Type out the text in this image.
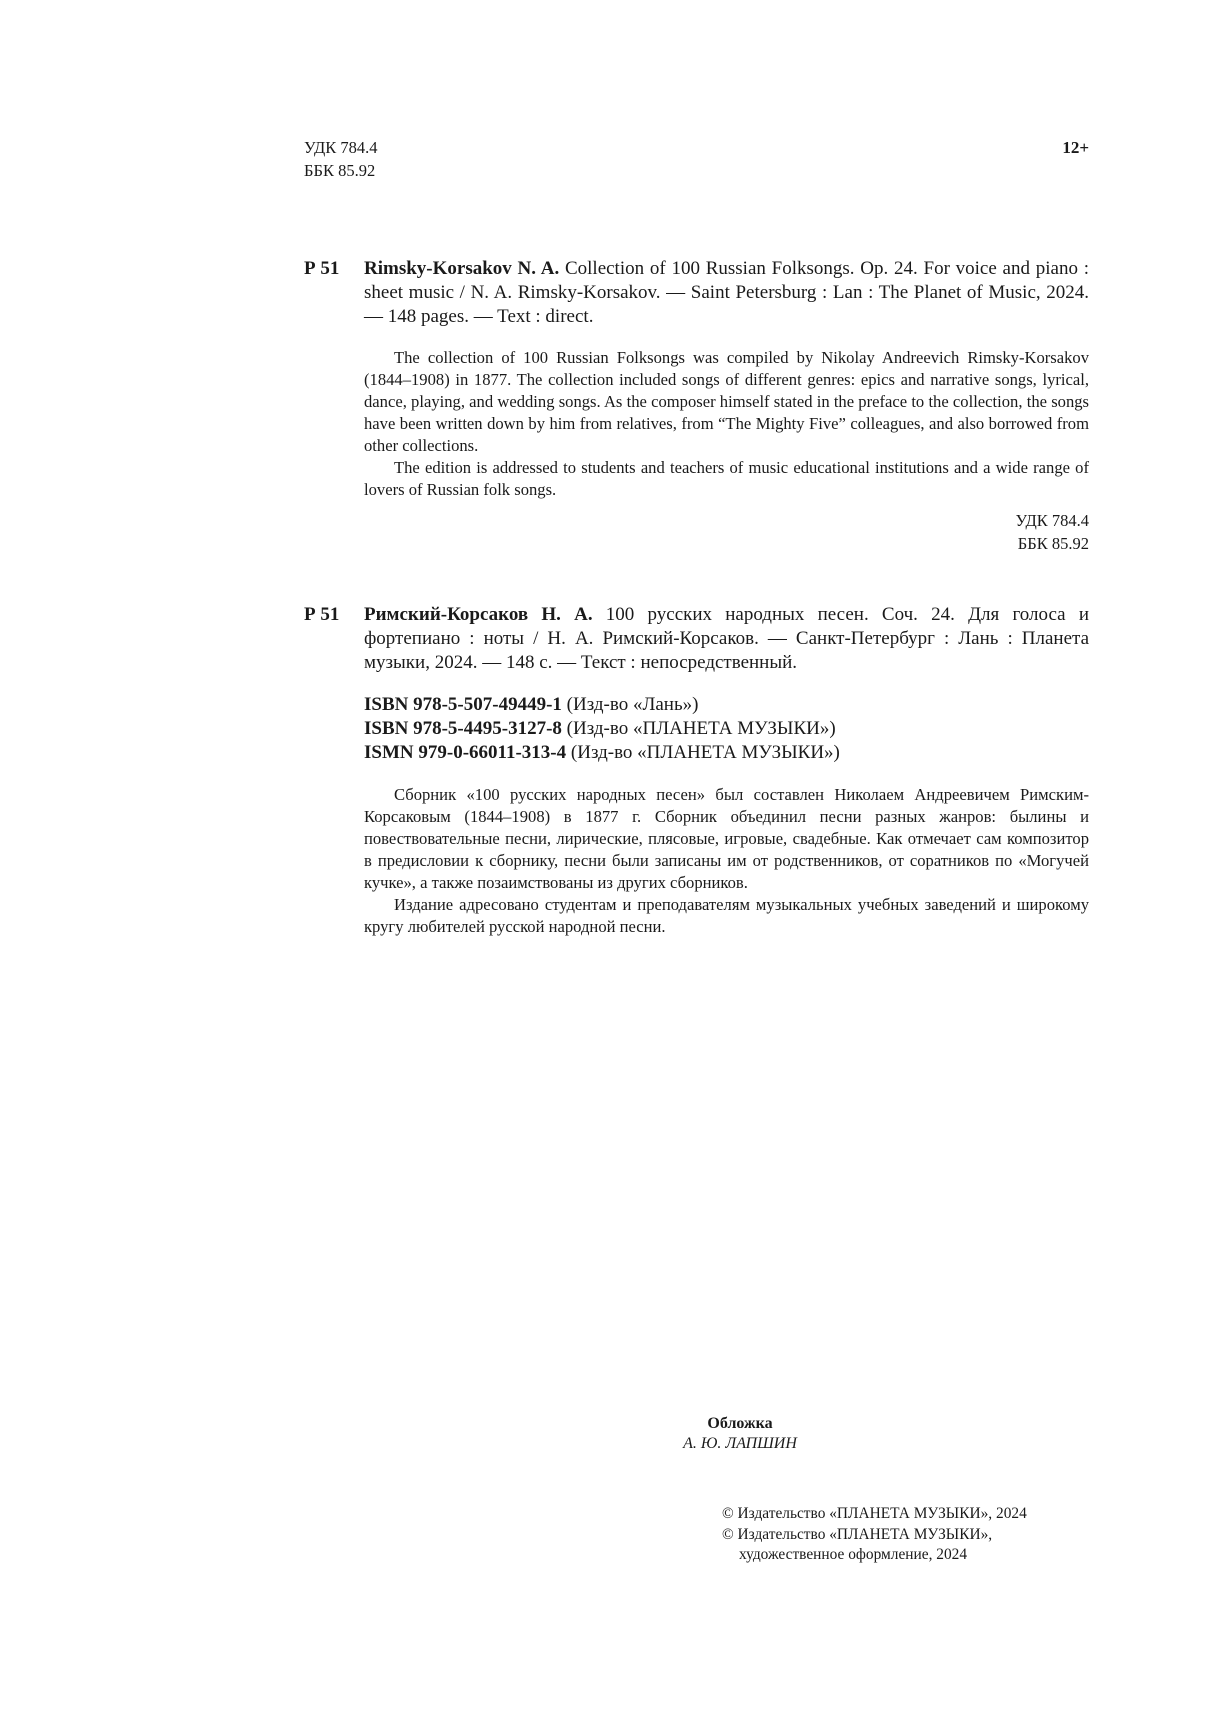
УДК 784.4
ББК 85.92
12+
Р 51 Rimsky-Korsakov N. A. Collection of 100 Russian Folksongs. Op. 24. For voice and piano : sheet music / N. A. Rimsky-Korsakov. — Saint Petersburg : Lan : The Planet of Music, 2024. — 148 pages. — Text : direct.

The collection of 100 Russian Folksongs was compiled by Nikolay Andreevich Rimsky-Korsakov (1844–1908) in 1877. The collection included songs of different genres: epics and narrative songs, lyrical, dance, playing, and wedding songs. As the composer himself stated in the preface to the collection, the songs have been written down by him from relatives, from “The Mighty Five” colleagues, and also borrowed from other collections.

The edition is addressed to students and teachers of music educational institutions and a wide range of lovers of Russian folk songs.

УДК 784.4
ББК 85.92
Р 51 Римский-Корсаков Н. А. 100 русских народных песен. Соч. 24. Для голоса и фортепиано : ноты / Н. А. Римский-Корсаков. — Санкт-Петербург : Лань : Планета музыки, 2024. — 148 с. — Текст : непосредственный.
ISBN 978-5-507-49449-1 (Изд-во «Лань»)
ISBN 978-5-4495-3127-8 (Изд-во «ПЛАНЕТА МУЗЫКИ»)
ISMN 979-0-66011-313-4 (Изд-во «ПЛАНЕТА МУЗЫКИ»)

Сборник «100 русских народных песен» был составлен Николаем Андреевичем Римским-Корсаковым (1844–1908) в 1877 г. Сборник объединил песни разных жанров: былины и повествовательные песни, лирические, плясовые, игровые, свадебные. Как отмечает сам композитор в предисловии к сборнику, песни были записаны им от родственников, от соратников по «Могучей кучке», а также позаимствованы из других сборников.

Издание адресовано студентам и преподавателям музыкальных учебных заведений и широкому кругу любителей русской народной песни.

Обложка
А. Ю. ЛАПШИН
© Издательство «ПЛАНЕТА МУЗЫКИ», 2024
© Издательство «ПЛАНЕТА МУЗЫКИ»,
художественное оформление, 2024
